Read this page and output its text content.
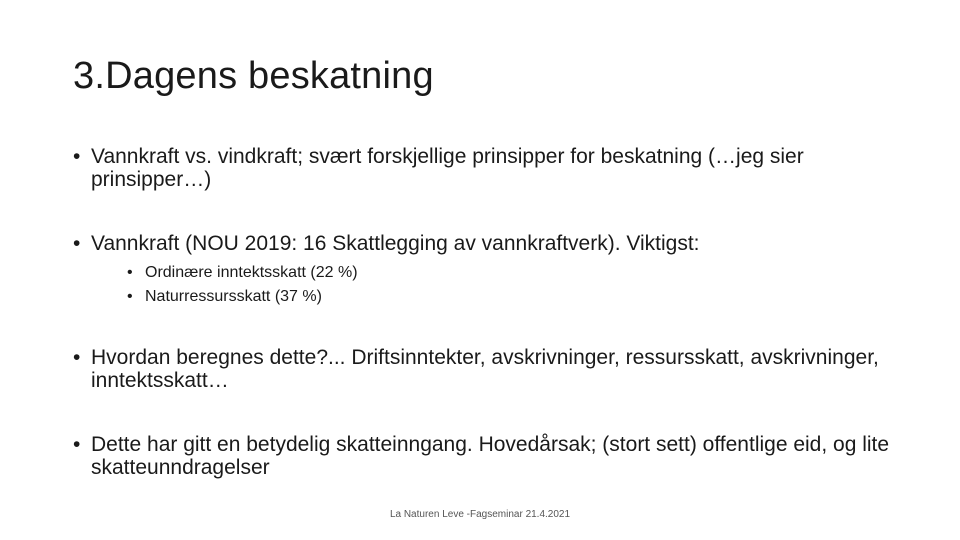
3.Dagens beskatning
• Vannkraft vs. vindkraft; svært forskjellige prinsipper for beskatning (…jeg sier prinsipper…)
• Vannkraft (NOU 2019: 16 Skattlegging av vannkraftverk). Viktigst:
• Ordinære inntektsskatt (22 %)
• Naturressursskatt (37 %)
• Hvordan beregnes dette?... Driftsinntekter, avskrivninger, ressursskatt, avskrivninger, inntektsskatt…
• Dette har gitt en betydelig skatteinngang. Hovedårsak; (stort sett) offentlige eid, og lite skatteunndragelser
La Naturen Leve -Fagseminar 21.4.2021
